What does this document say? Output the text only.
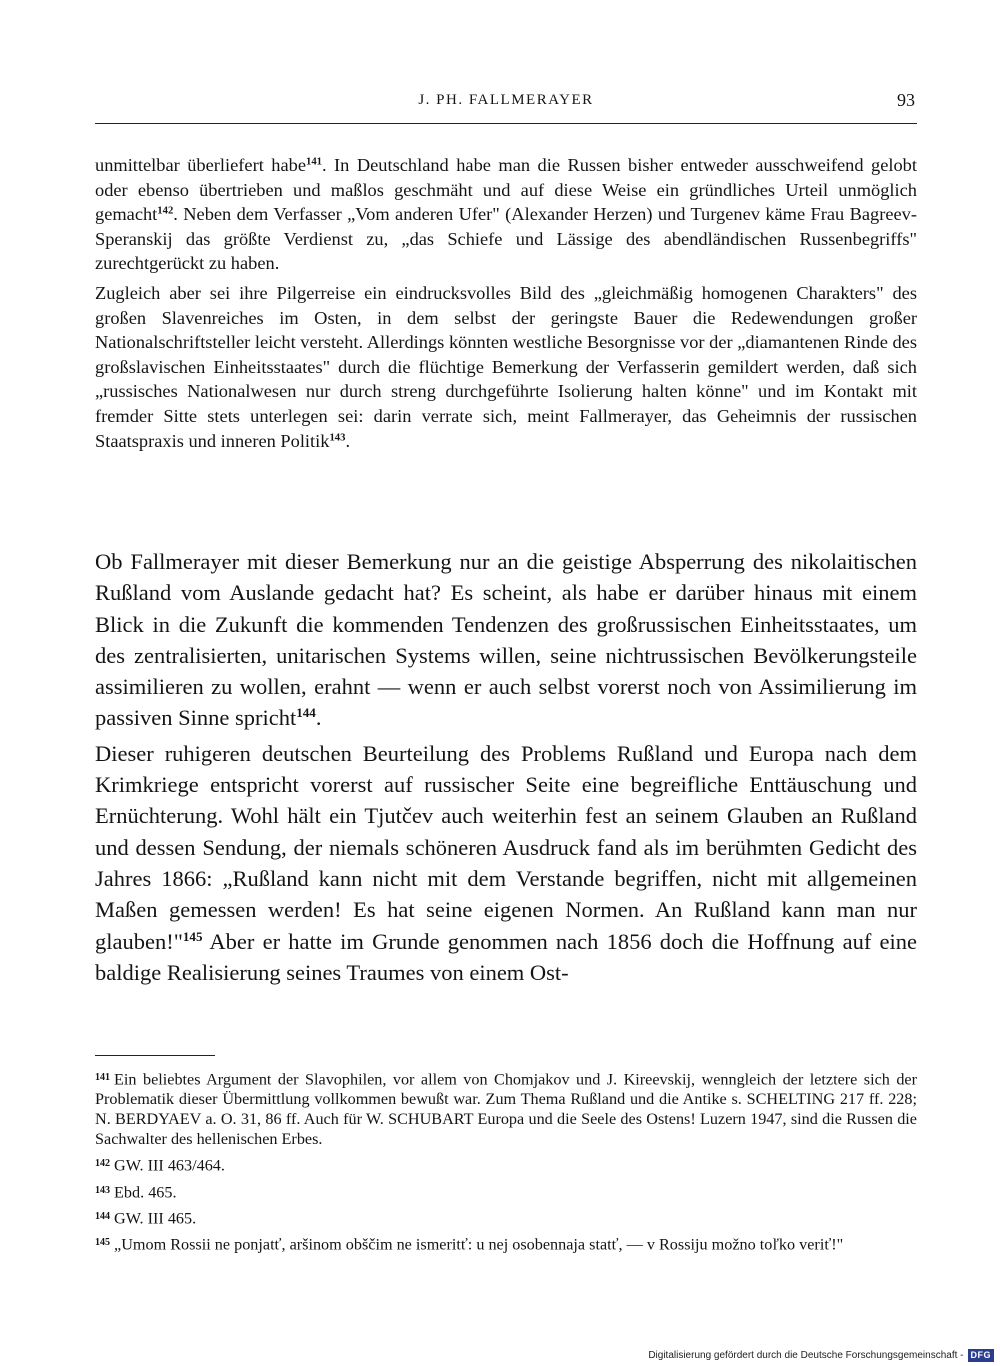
J. PH. FALLMERAYER	93

unmittelbar überliefert habe$^{141}$. In Deutschland habe man die Russen bisher entweder ausschweifend gelobt oder ebenso übertrieben und maßlos geschmäht und auf diese Weise ein gründliches Urteil unmöglich gemacht$^{142}$. Neben dem Verfasser „Vom anderen Ufer" (Alexander Herzen) und Turgenev käme Frau Bagreev-Speranskij das größte Verdienst zu, „das Schiefe und Lässige des abendländischen Russenbegriffs" zurechtgerückt zu haben.

Zugleich aber sei ihre Pilgerreise ein eindrucksvolles Bild des „gleichmäßig homogenen Charakters" des großen Slavenreiches im Osten, in dem selbst der geringste Bauer die Redewendungen großer Nationalschriftsteller leicht versteht. Allerdings könnten westliche Besorgnisse vor der „diamantenen Rinde des großslavischen Einheitsstaates" durch die flüchtige Bemerkung der Verfasserin gemildert werden, daß sich „russisches Nationalwesen nur durch streng durchgeführte Isolierung halten könne" und im Kontakt mit fremder Sitte stets unterlegen sei: darin verrate sich, meint Fallmerayer, das Geheimnis der russischen Staatspraxis und inneren Politik$^{143}$.

Ob Fallmerayer mit dieser Bemerkung nur an die geistige Absperrung des nikolaitischen Rußland vom Auslande gedacht hat? Es scheint, als habe er darüber hinaus mit einem Blick in die Zukunft die kommenden Tendenzen des großrussischen Einheitsstaates, um des zentralisierten, unitarischen Systems willen, seine nichtrussischen Bevölkerungsteile assimilieren zu wollen, erahnt — wenn er auch selbst vorerst noch von Assimilierung im passiven Sinne spricht$^{144}$.

Dieser ruhigeren deutschen Beurteilung des Problems Rußland und Europa nach dem Krimkriege entspricht vorerst auf russischer Seite eine begreifliche Enttäuschung und Ernüchterung. Wohl hält ein Tjutčev auch weiterhin fest an seinem Glauben an Rußland und dessen Sendung, der niemals schöneren Ausdruck fand als im berühmten Gedicht des Jahres 1866: „Rußland kann nicht mit dem Verstande begriffen, nicht mit allgemeinen Maßen gemessen werden! Es hat seine eigenen Normen. An Rußland kann man nur glauben!"$^{145}$ Aber er hatte im Grunde genommen nach 1856 doch die Hoffnung auf eine baldige Realisierung seines Traumes von einem Ost-

$^{141}$ Ein beliebtes Argument der Slavophilen, vor allem von Chomjakov und J. Kireevskij, wenngleich der letztere sich der Problematik dieser Übermittlung vollkommen bewußt war. Zum Thema Rußland und die Antike s. SCHELTING 217 ff. 228; N. BERDYAEV a. O. 31, 86 ff. Auch für W. SCHUBART Europa und die Seele des Ostens! Luzern 1947, sind die Russen die Sachwalter des hellenischen Erbes.
$^{142}$ GW. III 463/464.
$^{143}$ Ebd. 465.
$^{144}$ GW. III 465.
$^{145}$ „Umom Rossii ne ponjatť, aršinom obščim ne ismeritť: u nej osobennaja statť, — v Rossiju možno toľko veriť!"
Digitalisierung gefördert durch die Deutsche Forschungsgemeinschaft - DFG
